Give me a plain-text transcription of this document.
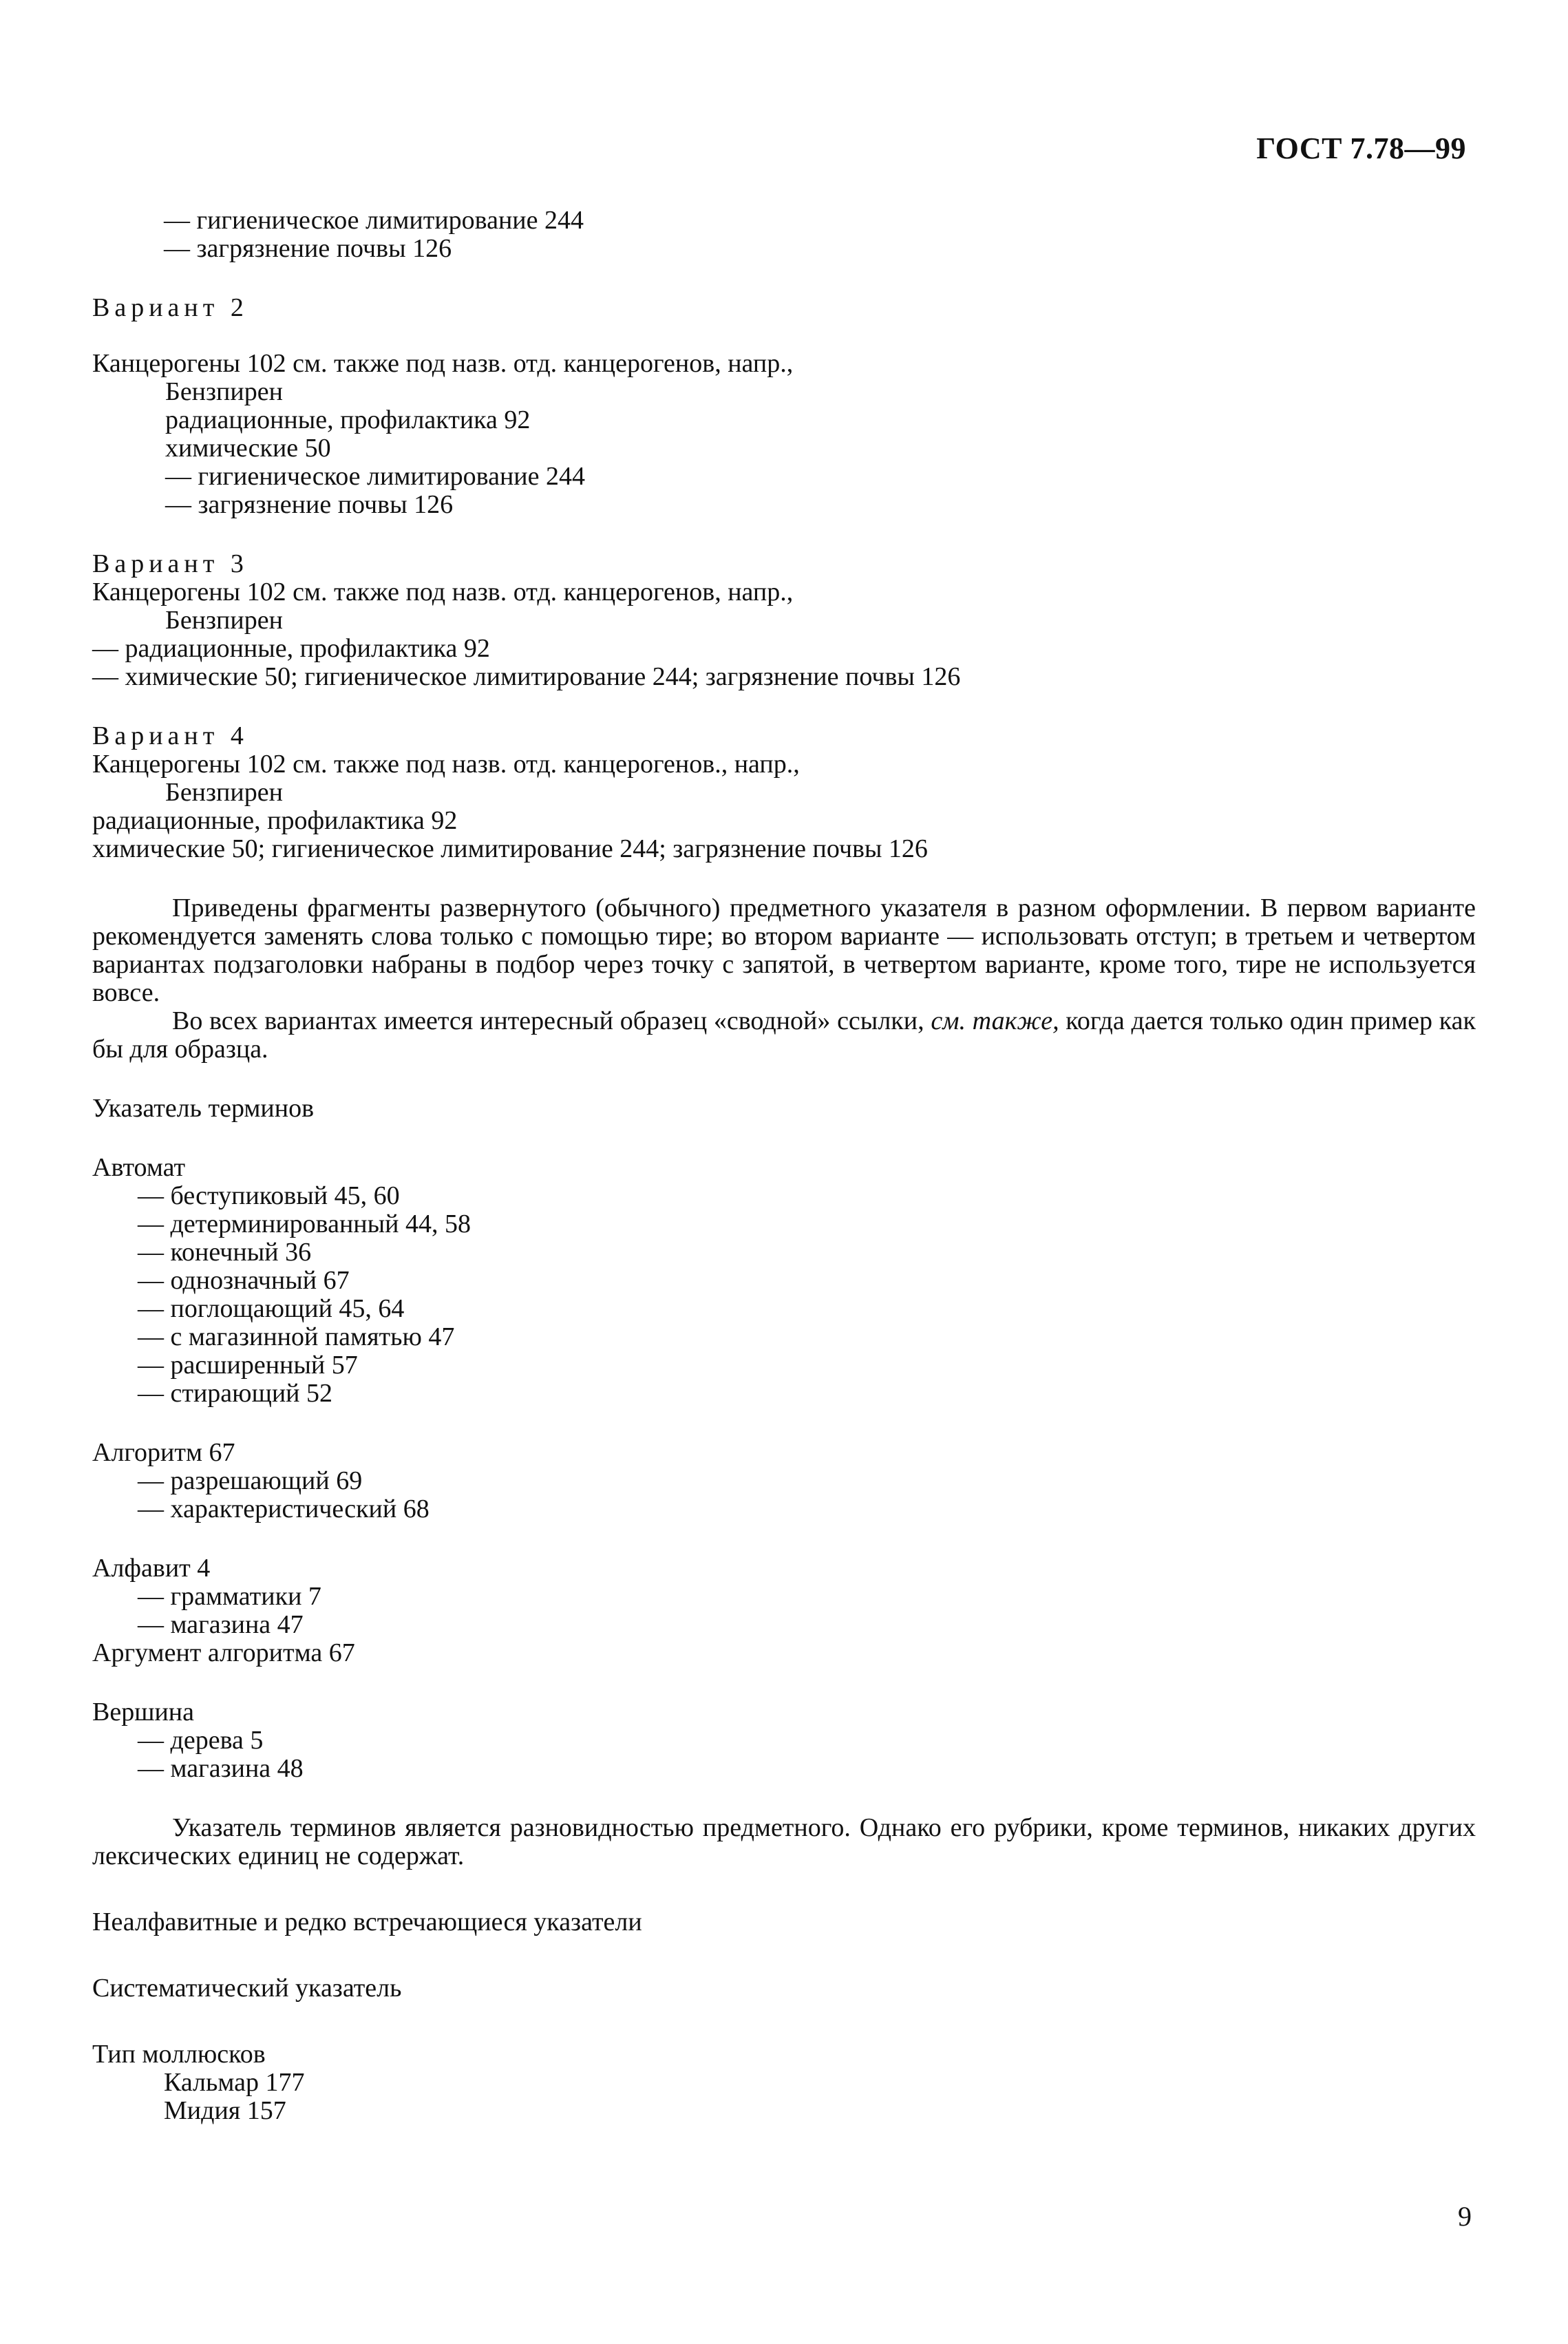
ГОСТ 7.78—99
— гигиеническое лимитирование 244
— загрязнение почвы 126
Вариант 2
Канцерогены 102 см. также под назв. отд. канцерогенов, напр.,
Бензпирен
радиационные, профилактика 92
химические 50
— гигиеническое лимитирование 244
— загрязнение почвы 126
Вариант 3
Канцерогены 102 см. также под назв. отд. канцерогенов, напр.,
Бензпирен
— радиационные, профилактика 92
— химические 50; гигиеническое лимитирование 244; загрязнение почвы 126
Вариант 4
Канцерогены 102 см. также под назв. отд. канцерогенов., напр.,
Бензпирен
радиационные, профилактика 92
химические 50; гигиеническое лимитирование 244; загрязнение почвы 126

Приведены фрагменты развернутого (обычного) предметного указателя в разном оформлении. В первом варианте рекомендуется заменять слова только с помощью тире; во втором варианте — использовать отступ; в третьем и четвертом вариантах подзаголовки набраны в подбор через точку с запятой, в четвертом варианте, кроме того, тире не используется вовсе.

Во всех вариантах имеется интересный образец «сводной» ссылки, см. также, когда дается только один пример как бы для образца.

Указатель терминов
Автомат
— беступиковый 45, 60
— детерминированный 44, 58
— конечный 36
— однозначный 67
— поглощающий 45, 64
— с магазинной памятью 47
— расширенный 57
— стирающий 52
Алгоритм 67
— разрешающий 69
— характеристический 68
Алфавит 4
— грамматики 7
— магазина 47
Аргумент алгоритма 67
Вершина
— дерева 5
— магазина 48

Указатель терминов является разновидностью предметного. Однако его рубрики, кроме терминов, никаких других лексических единиц не содержат.

Неалфавитные и редко встречающиеся указатели
Систематический указатель
Тип моллюсков
Кальмар 177
Мидия 157
9
